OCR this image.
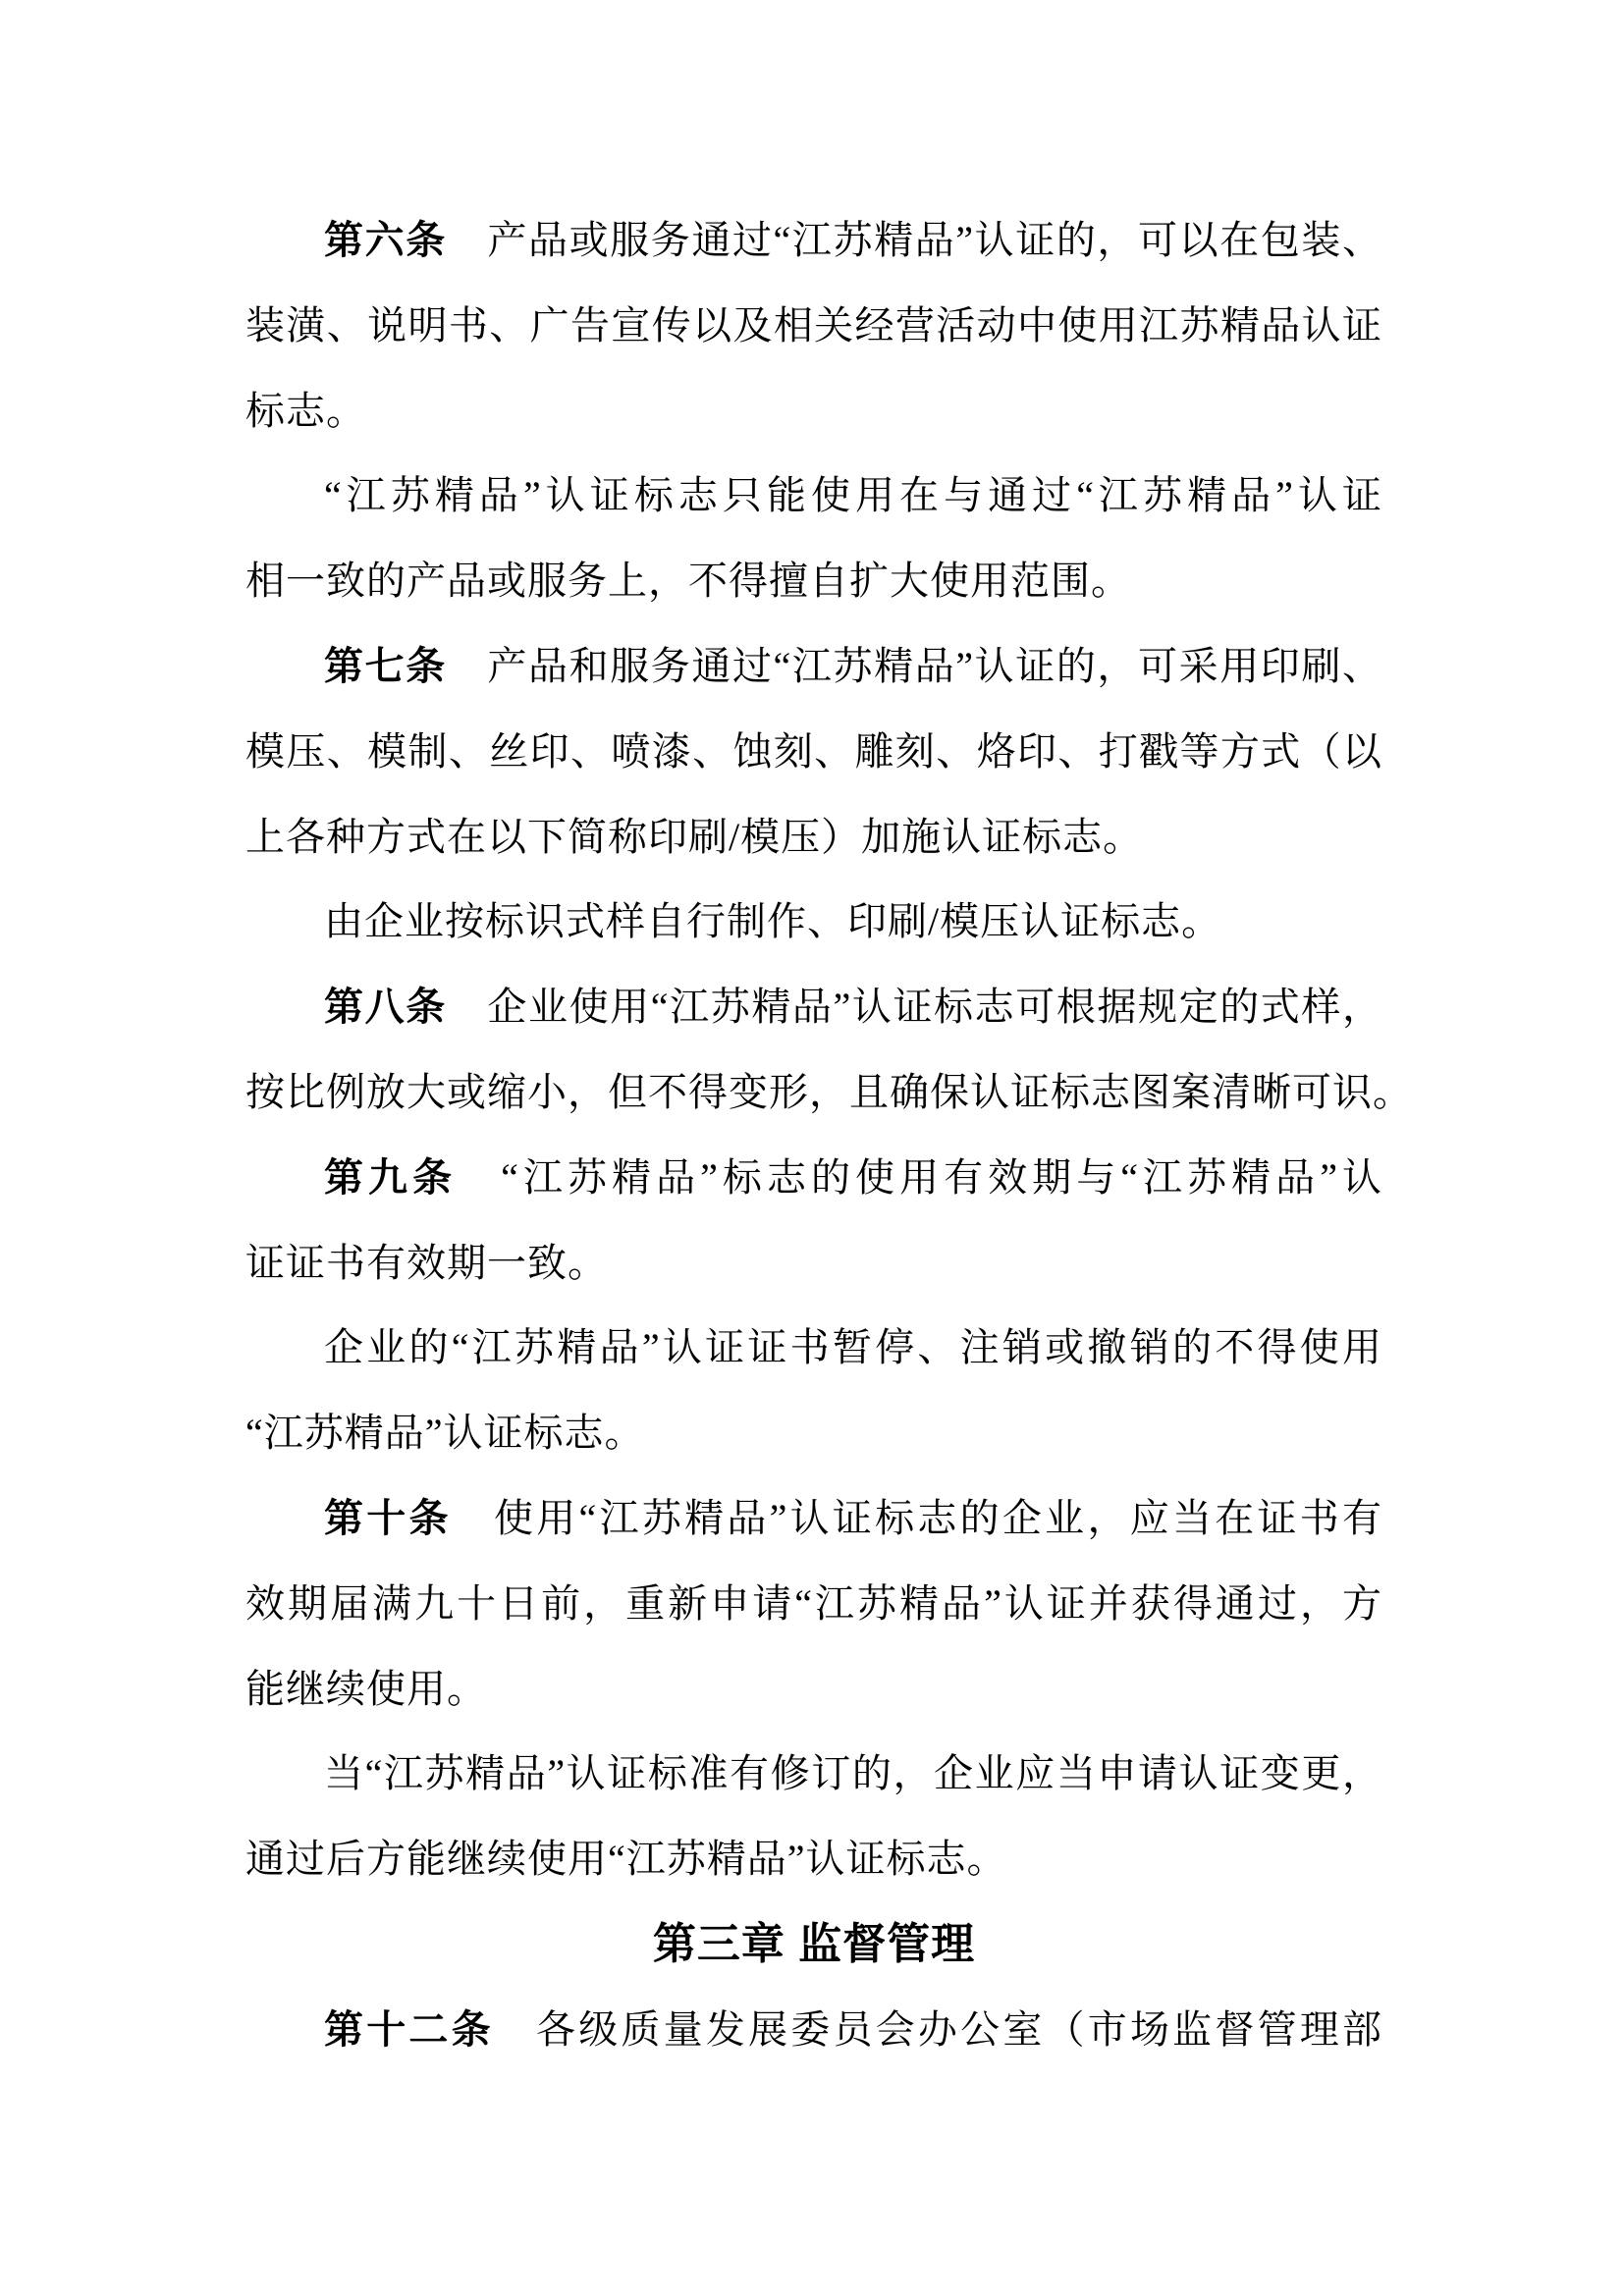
第六条　产品或服务通过“江苏精品”认证的，可以在包装、
装潢、说明书、广告宣传以及相关经营活动中使用江苏精品认证
标志。
“江苏精品”认证标志只能使用在与通过“江苏精品”认证
相一致的产品或服务上，不得擅自扩大使用范围。
第七条　产品和服务通过“江苏精品”认证的，可采用印刷、
模压、模制、丝印、喷漆、蚀刻、雕刻、烙印、打戳等方式（以
上各种方式在以下简称印刷/模压）加施认证标志。
由企业按标识式样自行制作、印刷/模压认证标志。
第八条　企业使用“江苏精品”认证标志可根据规定的式样，
按比例放大或缩小，但不得变形，且确保认证标志图案清晰可识。
第九条　“江苏精品”标志的使用有效期与“江苏精品”认
证证书有效期一致。
企业的“江苏精品”认证证书暂停、注销或撤销的不得使用
“江苏精品”认证标志。
第十条　使用“江苏精品”认证标志的企业，应当在证书有
效期届满九十日前，重新申请“江苏精品”认证并获得通过，方
能继续使用。
当“江苏精品”认证标准有修订的，企业应当申请认证变更，
通过后方能继续使用“江苏精品”认证标志。
第三章 监督管理
第十二条　各级质量发展委员会办公室（市场监督管理部
